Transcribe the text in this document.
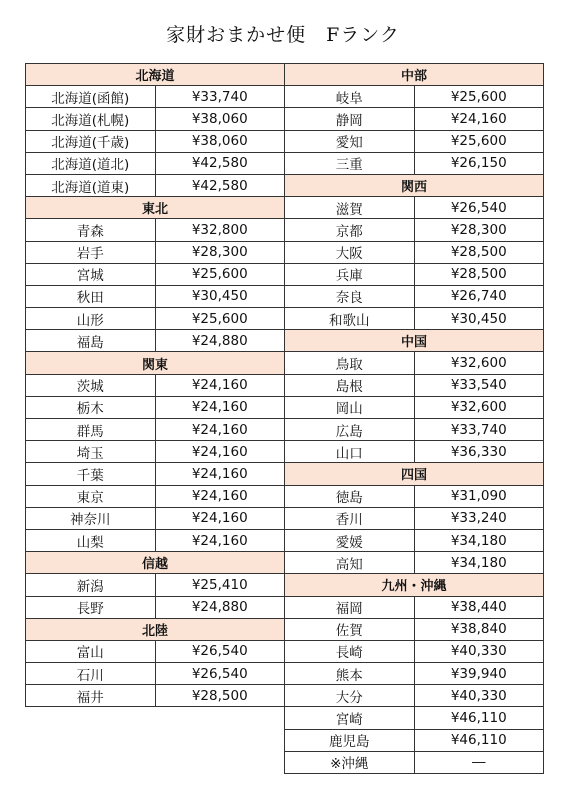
家財おまかせ便　Fランク
北海道	
北海道(函館)	¥33,740
北海道(札幌)	¥38,060
北海道(千歳)	¥38,060
北海道(道北)	¥42,580
北海道(道東)	¥42,580
東北	
青森	¥32,800
岩手	¥28,300
宮城	¥25,600
秋田	¥30,450
山形	¥25,600
福島	¥24,880
関東	
茨城	¥24,160
栃木	¥24,160
群馬	¥24,160
埼玉	¥24,160
千葉	¥24,160
東京	¥24,160
神奈川	¥24,160
山梨	¥24,160
信越	
新潟	¥25,410
長野	¥24,880
北陸	
富山	¥26,540
石川	¥26,540
福井	¥28,500
中部	
岐阜	¥25,600
静岡	¥24,160
愛知	¥25,600
三重	¥26,150
関西	
滋賀	¥26,540
京都	¥28,300
大阪	¥28,500
兵庫	¥28,500
奈良	¥26,740
和歌山	¥30,450
中国	
鳥取	¥32,600
島根	¥33,540
岡山	¥32,600
広島	¥33,740
山口	¥36,330
四国	
徳島	¥31,090
香川	¥33,240
愛媛	¥34,180
高知	¥34,180
九州・沖縄	
福岡	¥38,440
佐賀	¥38,840
長崎	¥40,330
熊本	¥39,940
大分	¥40,330
宮崎	¥46,110
鹿児島	¥46,110
※沖縄	―
